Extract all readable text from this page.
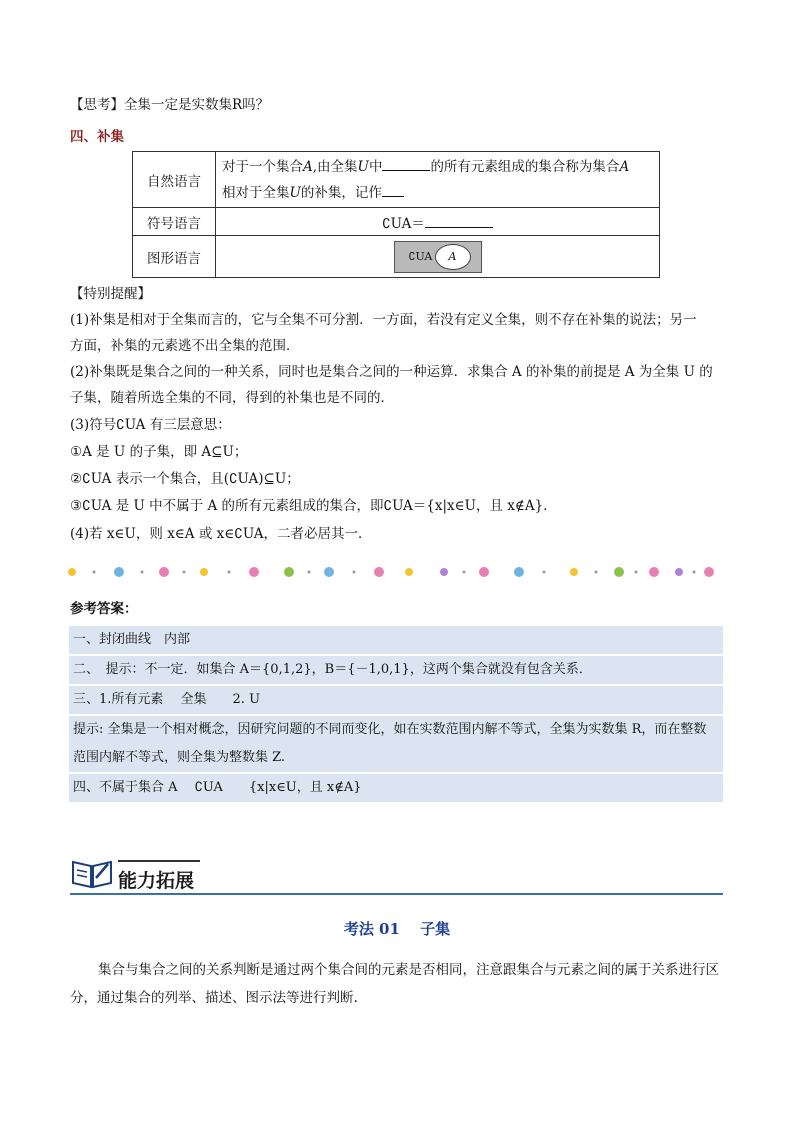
【思考】全集一定是实数集R吗？
四、补集
自然语言	对于一个集合A,由全集U中 的所有元素组成的集合称为集合A
相对于全集U的补集，记作
符号语言	∁UA＝
图形语言	∁UA A
【特别提醒】
(1)补集是相对于全集而言的，它与全集不可分割．一方面，若没有定义全集，则不存在补集的说法；另一
方面，补集的元素逃不出全集的范围．
(2)补集既是集合之间的一种关系，同时也是集合之间的一种运算．求集合 A 的补集的前提是 A 为全集 U 的
子集，随着所选全集的不同，得到的补集也是不同的．
(3)符号∁UA 有三层意思：
①A 是 U 的子集，即 A⊆U；
②∁UA 表示一个集合，且(∁UA)⊆U；
③∁UA 是 U 中不属于 A 的所有元素组成的集合，即∁UA＝{x|x∈U，且 x∉A}．
(4)若 x∈U，则 x∈A 或 x∈∁UA，二者必居其一．
参考答案：
一、封闭曲线　内部
二、　提示：不一定．如集合 A＝{0,1,2}，B＝{－1,0,1}，这两个集合就没有包含关系．
三、1.所有元素　 全集　　2. U
提示: 全集是一个相对概念，因研究问题的不同而变化，如在实数范围内解不等式，全集为实数集 R，而在整数范围内解不等式，则全集为整数集 Z.
四、不属于集合 A　 ∁UA　　{x|x∈U，且 x∉A}
能力拓展
考法 01　 子集
集合与集合之间的关系判断是通过两个集合间的元素是否相同，注意跟集合与元素之间的属于关系进行区分，通过集合的列举、描述、图示法等进行判断.
